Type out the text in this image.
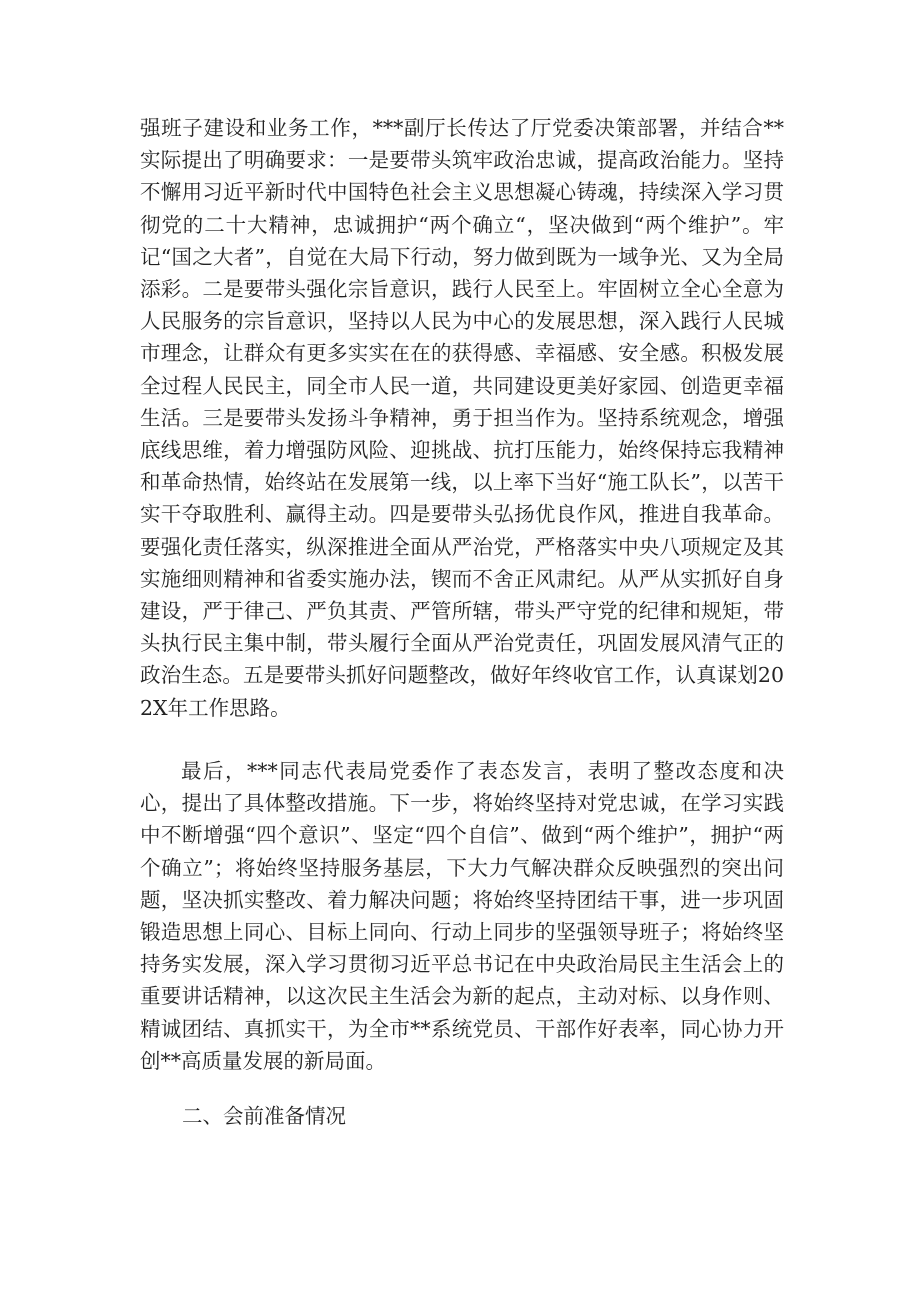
强班子建设和业务工作，***副厅长传达了厅党委决策部署，并结合**实际提出了明确要求：一是要带头筑牢政治忠诚，提高政治能力。坚持不懈用习近平新时代中国特色社会主义思想凝心铸魂，持续深入学习贯彻党的二十大精神，忠诚拥护“两个确立“，坚决做到“两个维护”。牢记“国之大者”，自觉在大局下行动，努力做到既为一域争光、又为全局添彩。二是要带头强化宗旨意识，践行人民至上。牢固树立全心全意为人民服务的宗旨意识，坚持以人民为中心的发展思想，深入践行人民城市理念，让群众有更多实实在在的获得感、幸福感、安全感。积极发展全过程人民民主，同全市人民一道，共同建设更美好家园、创造更幸福生活。三是要带头发扬斗争精神，勇于担当作为。坚持系统观念，增强底线思维，着力增强防风险、迎挑战、抗打压能力，始终保持忘我精神和革命热情，始终站在发展第一线，以上率下当好“施工队长”，以苦干实干夺取胜利、赢得主动。四是要带头弘扬优良作风，推进自我革命。要强化责任落实，纵深推进全面从严治党，严格落实中央八项规定及其实施细则精神和省委实施办法，锲而不舍正风肃纪。从严从实抓好自身建设，严于律己、严负其责、严管所辖，带头严守党的纪律和规矩，带头执行民主集中制，带头履行全面从严治党责任，巩固发展风清气正的政治生态。五是要带头抓好问题整改，做好年终收官工作，认真谋划202X年工作思路。

最后，***同志代表局党委作了表态发言，表明了整改态度和决心，提出了具体整改措施。下一步，将始终坚持对党忠诚，在学习实践中不断增强“四个意识”、坚定“四个自信”、做到“两个维护”，拥护“两个确立”；将始终坚持服务基层，下大力气解决群众反映强烈的突出问题，坚决抓实整改、着力解决问题；将始终坚持团结干事，进一步巩固锻造思想上同心、目标上同向、行动上同步的坚强领导班子；将始终坚持务实发展，深入学习贯彻习近平总书记在中央政治局民主生活会上的重要讲话精神，以这次民主生活会为新的起点，主动对标、以身作则、精诚团结、真抓实干，为全市**系统党员、干部作好表率，同心协力开创**高质量发展的新局面。

二、会前准备情况
